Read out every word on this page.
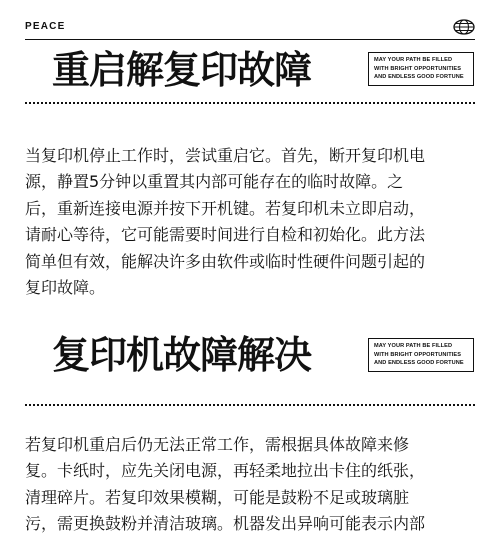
PEACE
重启解复印故障	MAY YOUR PATH BE FILLED
WITH BRIGHT OPPORTUNITIES
AND ENDLESS GOOD FORTUNE
当复印机停止工作时，尝试重启它。首先，断开复印机电
源，静置5分钟以重置其内部可能存在的临时故障。之
后，重新连接电源并按下开机键。若复印机未立即启动，
请耐心等待，它可能需要时间进行自检和初始化。此方法
简单但有效，能解决许多由软件或临时性硬件问题引起的
复印故障。
复印机故障解决	MAY YOUR PATH BE FILLED
WITH BRIGHT OPPORTUNITIES
AND ENDLESS GOOD FORTUNE
若复印机重启后仍无法正常工作，需根据具体故障来修
复。卡纸时，应先关闭电源，再轻柔地拉出卡住的纸张，
清理碎片。若复印效果模糊，可能是鼓粉不足或玻璃脏
污，需更换鼓粉并清洁玻璃。机器发出异响可能表示内部
